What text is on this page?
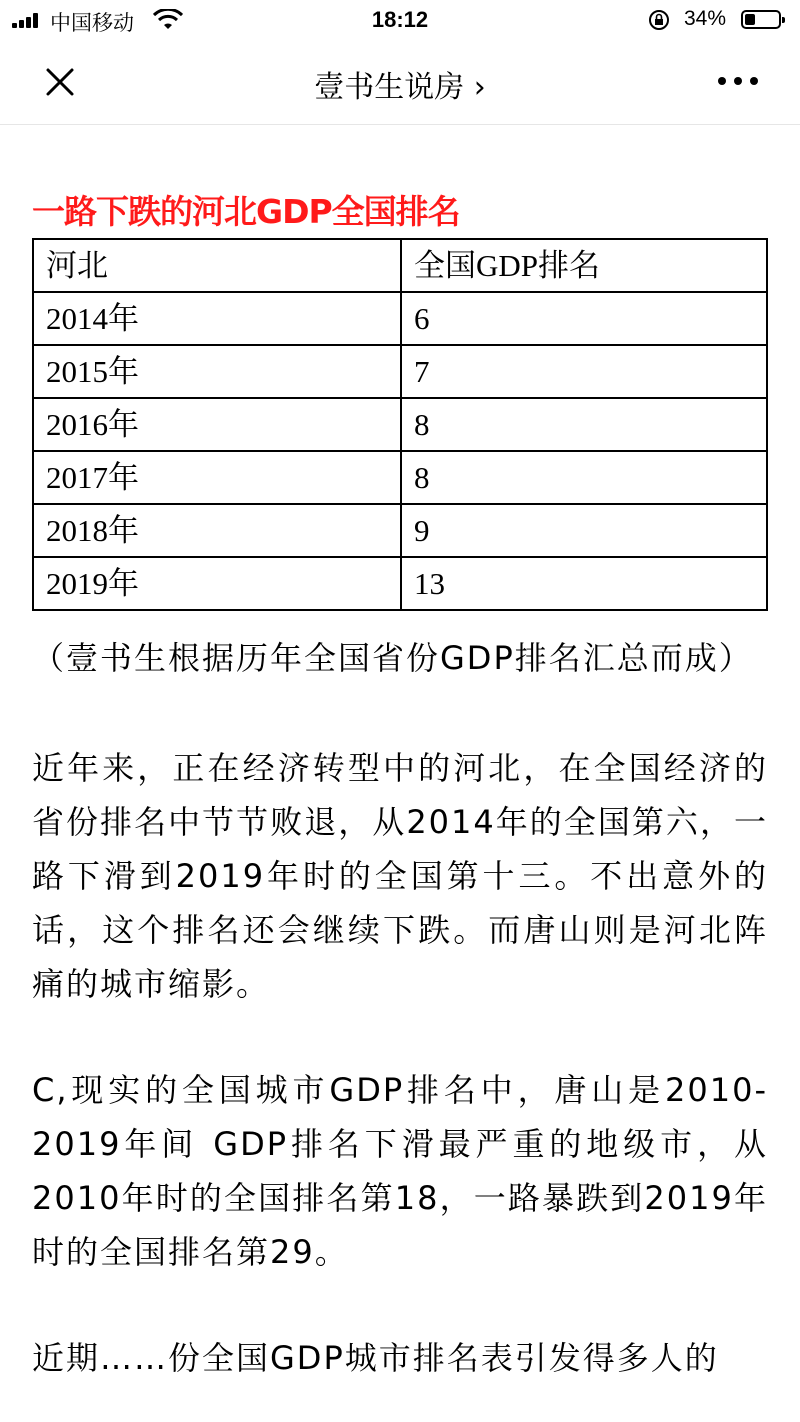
中国移动	18:12	34%
壹书生说房 ›
一路下跌的河北GDP全国排名
河北	全国GDP排名
2014年	6
2015年	7
2016年	8
2017年	8
2018年	9
2019年	13

（壹书生根据历年全国省份GDP排名汇总而成）

近年来，正在经济转型中的河北，在全国经济的省份排名中节节败退，从2014年的全国第六，一路下滑到2019年时的全国第十三。不出意外的话，这个排名还会继续下跌。而唐山则是河北阵痛的城市缩影。

C,现实的全国城市GDP排名中，唐山是2010-2019年间 GDP排名下滑最严重的地级市，从2010年时的全国排名第18，一路暴跌到2019年时的全国排名第29。

近期……份全国GDP城市排名表引发得多人的
